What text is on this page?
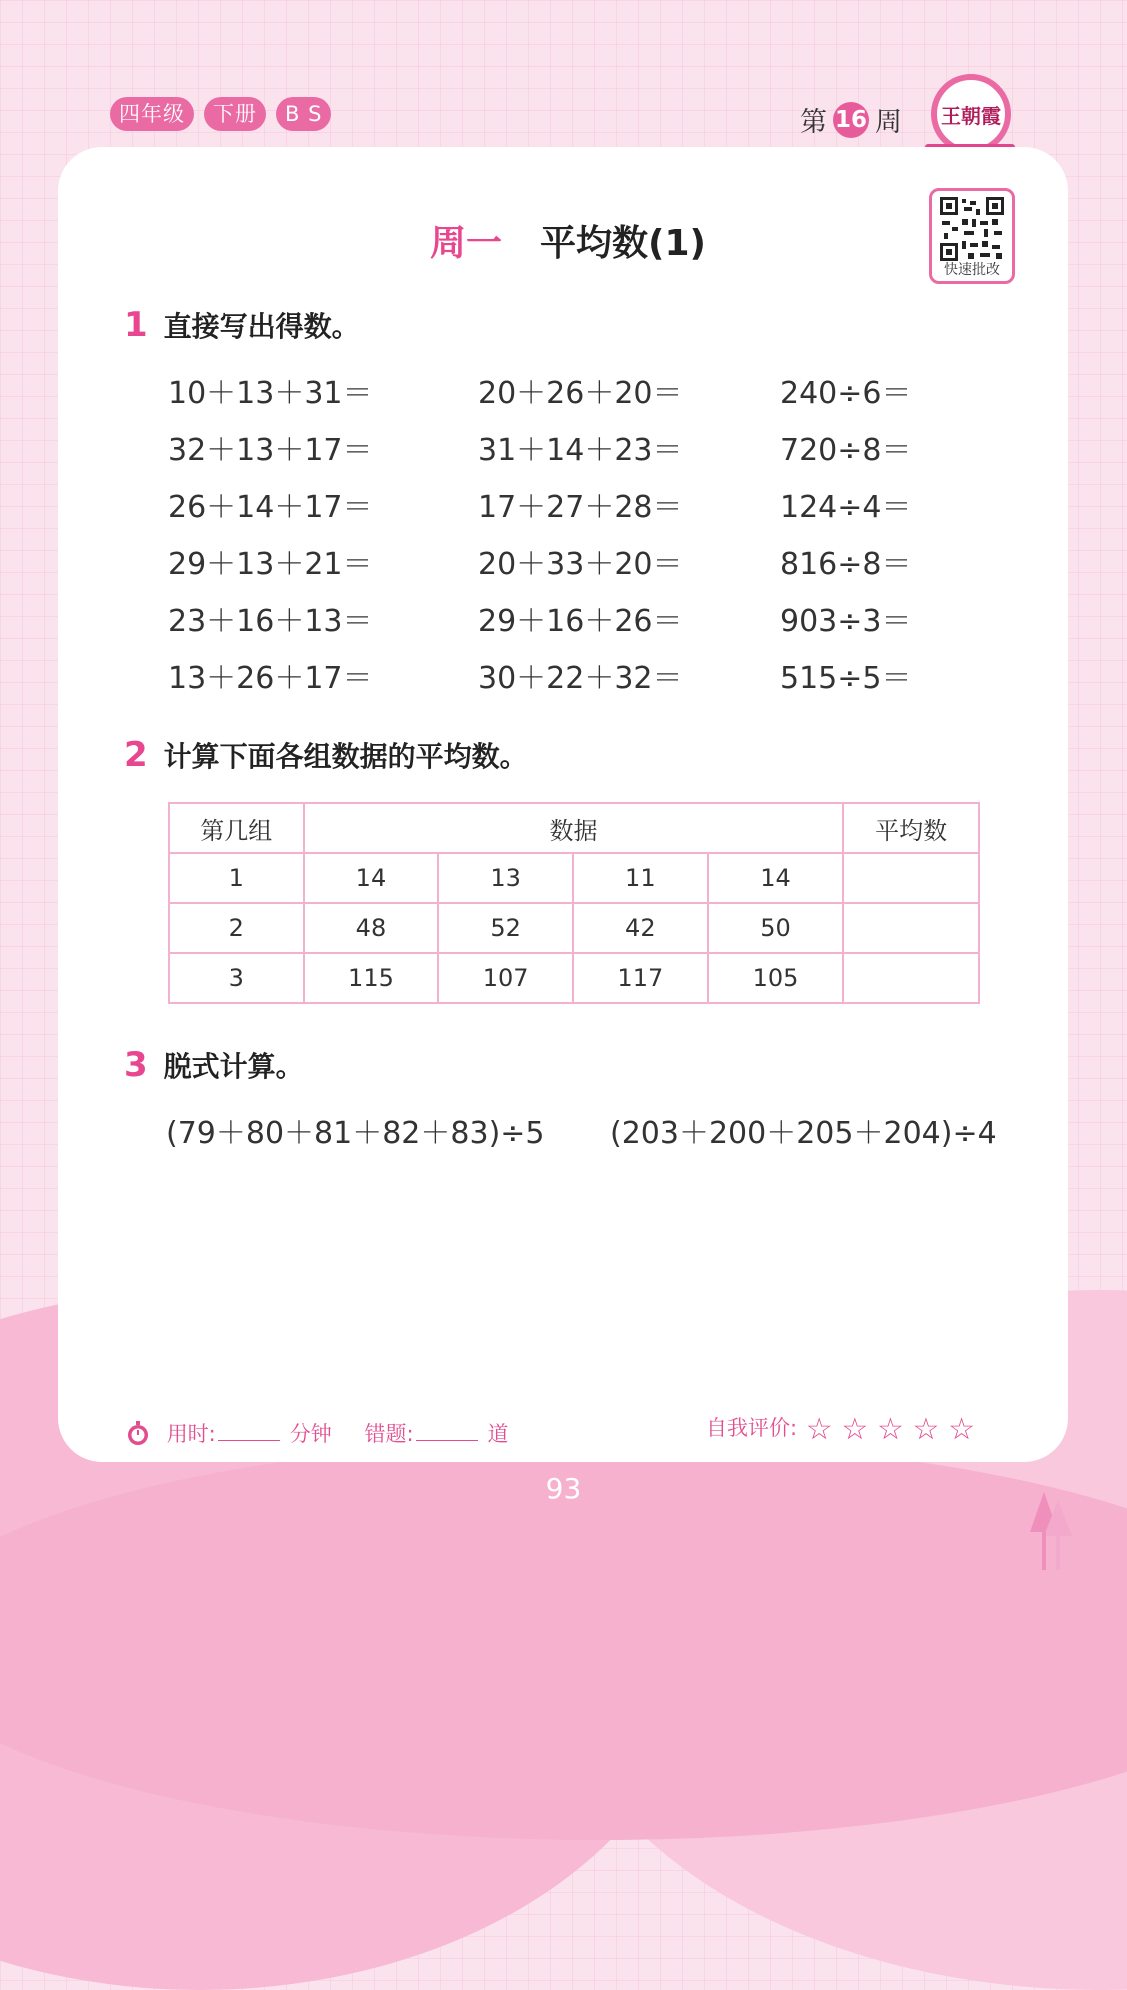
四年级	下册	B S	第 16 周 王朝霞
周一 平均数(1)
快速批改
1 直接写出得数。
10＋13＋31＝
32＋13＋17＝
26＋14＋17＝
29＋13＋21＝
23＋16＋13＝
13＋26＋17＝
20＋26＋20＝
31＋14＋23＝
17＋27＋28＝
20＋33＋20＝
29＋16＋26＝
30＋22＋32＝
240÷6＝
720÷8＝
124÷4＝
816÷8＝
903÷3＝
515÷5＝
2 计算下面各组数据的平均数。
第几组	数据				平均数
1	14	13	11	14	
2	48	52	42	50	
3	115	107	117	105	
3 脱式计算。
(79＋80＋81＋82＋83)÷5 (203＋200＋205＋204)÷4
用时:	分钟 错题:	道	自我评价: ☆ ☆ ☆ ☆ ☆
93
